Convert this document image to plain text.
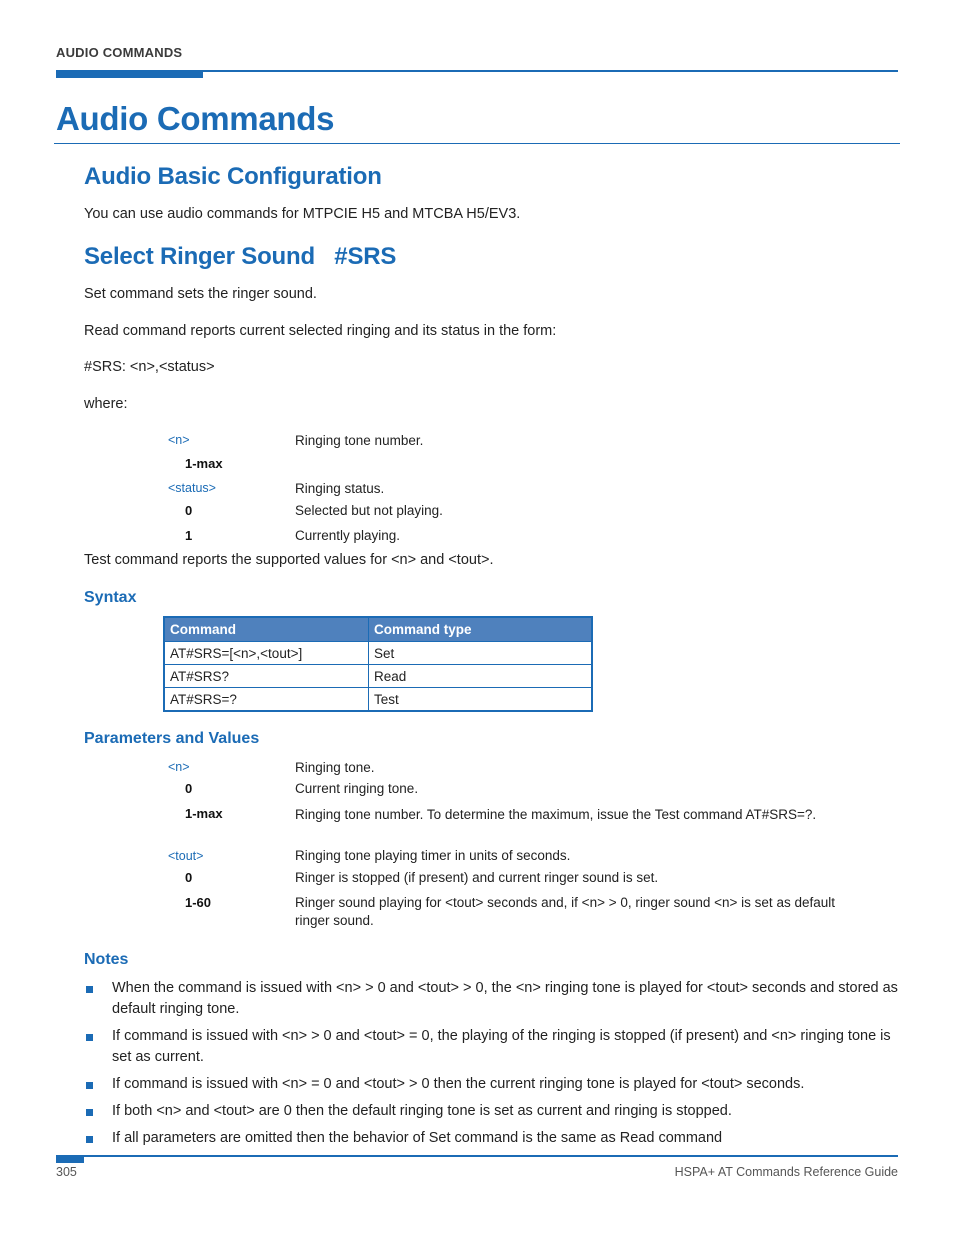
AUDIO COMMANDS
Audio Commands
Audio Basic Configuration
You can use audio commands for MTPCIE H5 and MTCBA H5/EV3.
Select Ringer Sound   #SRS
Set command sets the ringer sound.
Read command reports current selected ringing and its status in the form:
#SRS: <n>,<status>
where:
<n>	Ringing tone number.
1-max
<status>	Ringing status.
0	Selected but not playing.
1	Currently playing.
Test command reports the supported values for <n> and <tout>.
Syntax
Command	Command type
AT#SRS=[<n>,<tout>]	Set
AT#SRS?	Read
AT#SRS=?	Test
Parameters and Values
<n>	Ringing tone.
0	Current ringing tone.
1-max	Ringing tone number. To determine the maximum, issue the Test command AT#SRS=?.
<tout>	Ringing tone playing timer in units of seconds.
0	Ringer is stopped (if present) and current ringer sound is set.
1-60	Ringer sound playing for <tout> seconds and, if <n> > 0, ringer sound <n> is set as default ringer sound.
Notes
When the command is issued with <n> > 0 and <tout> > 0, the <n> ringing tone is played for <tout> seconds and stored as default ringing tone.
If command is issued with <n> > 0 and <tout> = 0, the playing of the ringing is stopped (if present) and <n> ringing tone is set as current.
If command is issued with <n> = 0 and <tout> > 0 then the current ringing tone is played for <tout> seconds.
If both <n> and <tout> are 0 then the default ringing tone is set as current and ringing is stopped.
If all parameters are omitted then the behavior of Set command is the same as Read command
305	HSPA+ AT Commands Reference Guide
